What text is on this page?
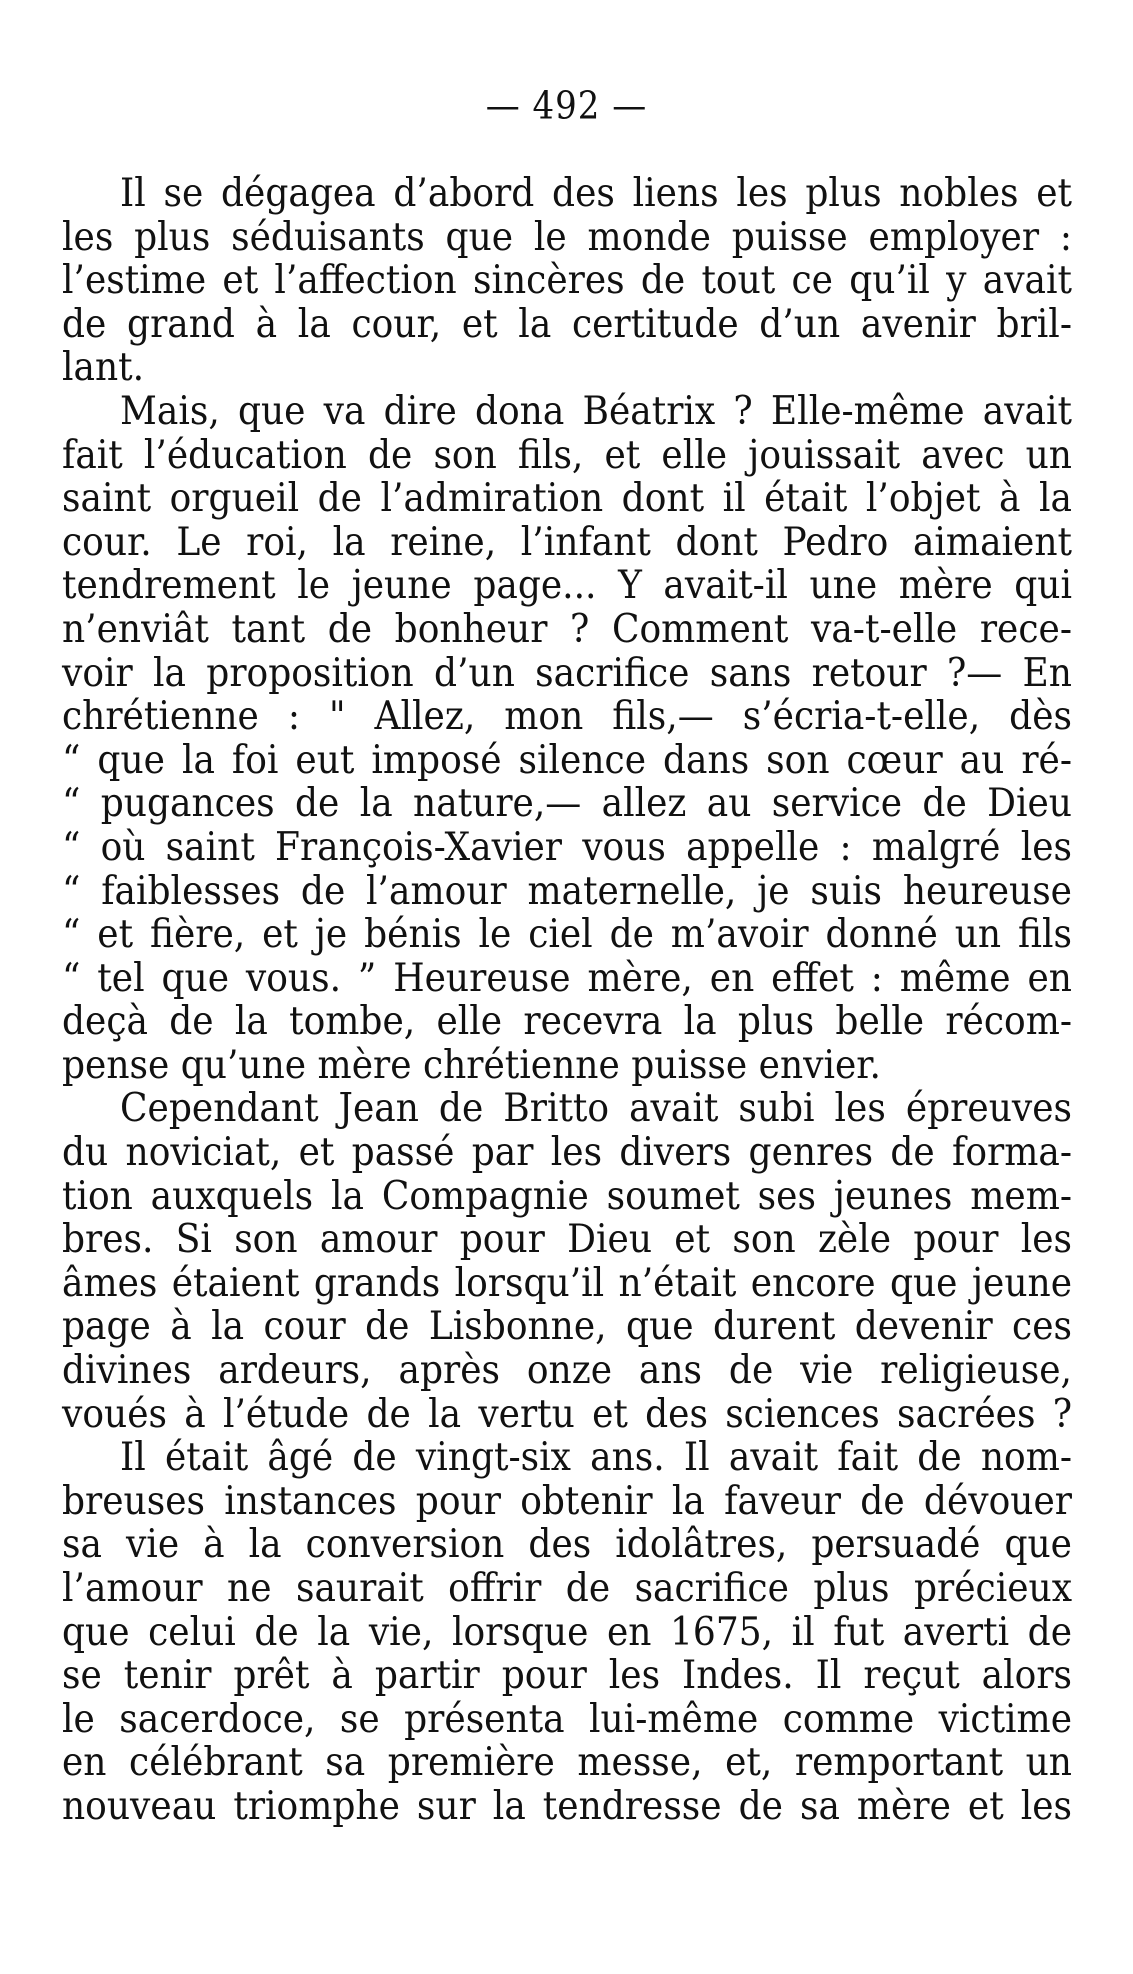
— 492 —
Il se dégagea d’abord des liens les plus nobles et
les plus séduisants que le monde puisse employer :
l’estime et l’affection sincères de tout ce qu’il y avait
de grand à la cour, et la certitude d’un avenir bril-
lant.
Mais, que va dire dona Béatrix ? Elle-même avait
fait l’éducation de son fils, et elle jouissait avec un
saint orgueil de l’admiration dont il était l’objet à la
cour. Le roi, la reine, l’infant dont Pedro aimaient
tendrement le jeune page... Y avait-il une mère qui
n’enviât tant de bonheur ? Comment va-t-elle rece-
voir la proposition d’un sacrifice sans retour ?— En
chrétienne : " Allez, mon fils,— s’écria-t-elle, dès
“ que la foi eut imposé silence dans son cœur au ré-
“ pugances de la nature,— allez au service de Dieu
“ où saint François-Xavier vous appelle : malgré les
“ faiblesses de l’amour maternelle, je suis heureuse
“ et fière, et je bénis le ciel de m’avoir donné un fils
“ tel que vous. ” Heureuse mère, en effet : même en
deçà de la tombe, elle recevra la plus belle récom-
pense qu’une mère chrétienne puisse envier.
Cependant Jean de Britto avait subi les épreuves
du noviciat, et passé par les divers genres de forma-
tion auxquels la Compagnie soumet ses jeunes mem-
bres. Si son amour pour Dieu et son zèle pour les
âmes étaient grands lorsqu’il n’était encore que jeune
page à la cour de Lisbonne, que durent devenir ces
divines ardeurs, après onze ans de vie religieuse,
voués à l’étude de la vertu et des sciences sacrées ?
Il était âgé de vingt-six ans. Il avait fait de nom-
breuses instances pour obtenir la faveur de dévouer
sa vie à la conversion des idolâtres, persuadé que
l’amour ne saurait offrir de sacrifice plus précieux
que celui de la vie, lorsque en 1675, il fut averti de
se tenir prêt à partir pour les Indes. Il reçut alors
le sacerdoce, se présenta lui-même comme victime
en célébrant sa première messe, et, remportant un
nouveau triomphe sur la tendresse de sa mère et les
